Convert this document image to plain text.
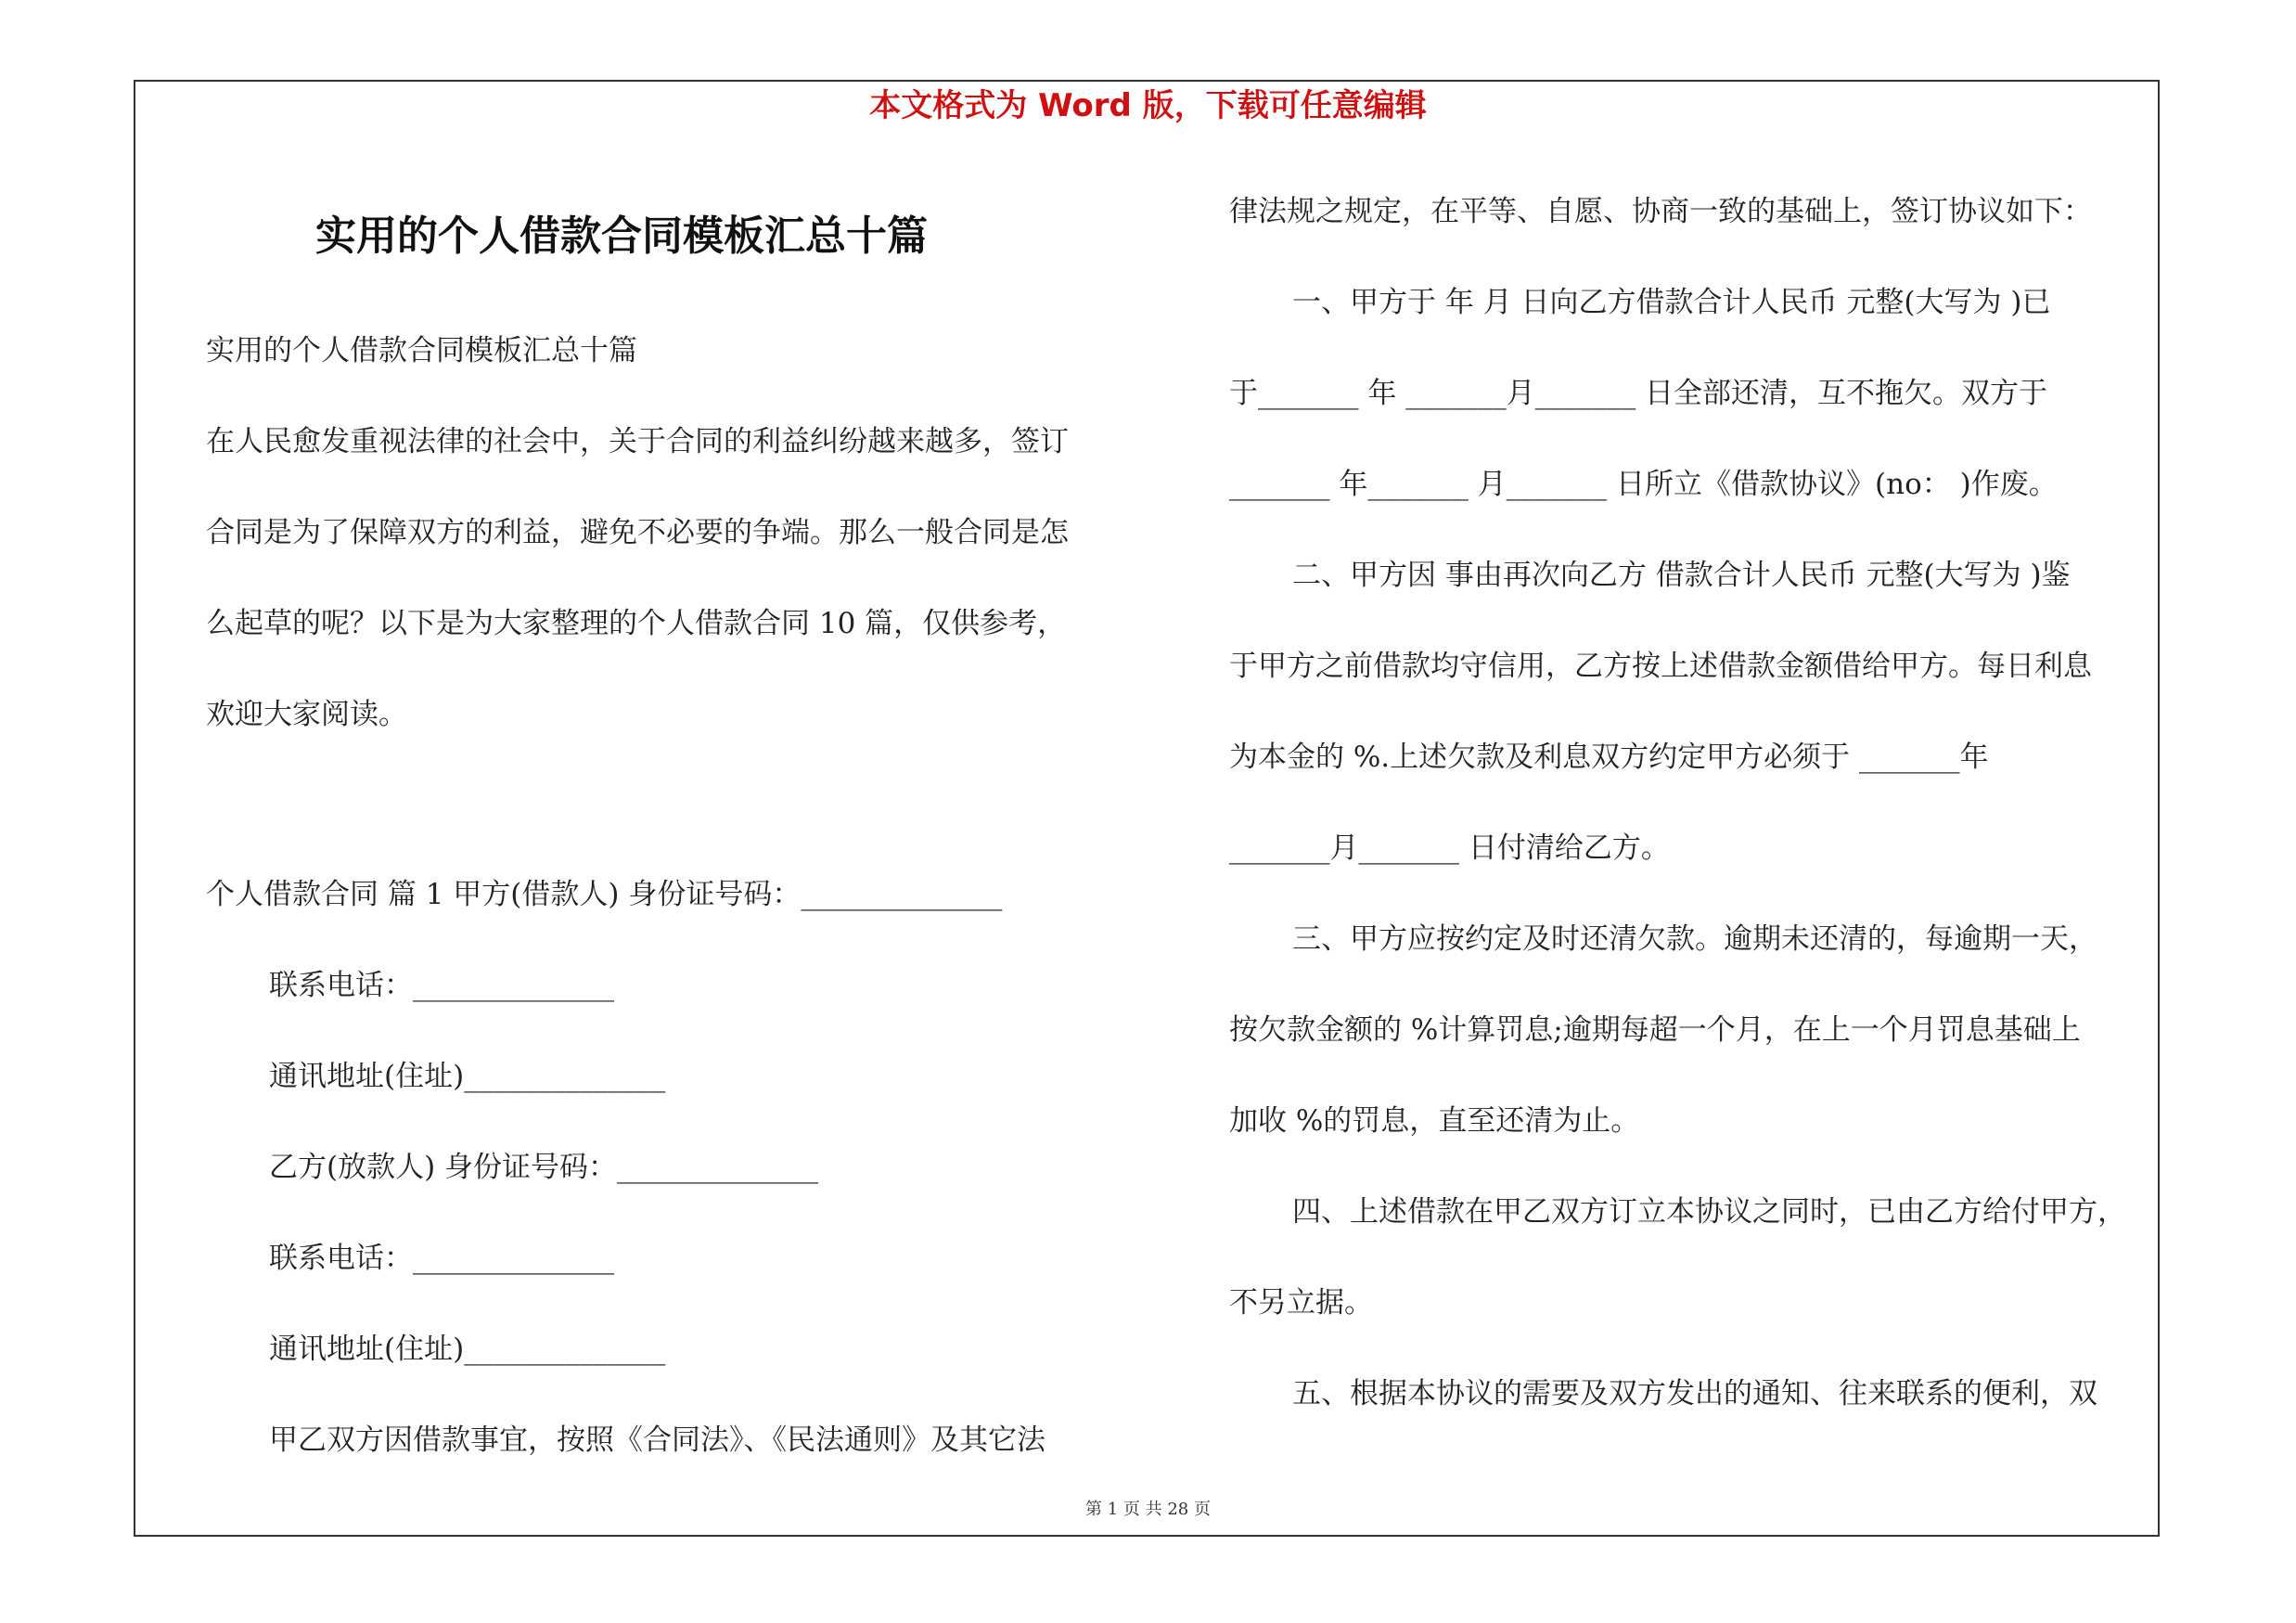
本文格式为 Word 版，下载可任意编辑
实用的个人借款合同模板汇总十篇
实用的个人借款合同模板汇总十篇
在人民愈发重视法律的社会中，关于合同的利益纠纷越来越多，签订
合同是为了保障双方的利益，避免不必要的争端。那么一般合同是怎
么起草的呢？以下是为大家整理的个人借款合同 10 篇，仅供参考，
欢迎大家阅读。
个人借款合同 篇 1 甲方(借款人) 身份证号码：______________
联系电话：______________
通讯地址(住址)______________
乙方(放款人) 身份证号码：______________
联系电话：______________
通讯地址(住址)______________
甲乙双方因借款事宜，按照《合同法》、《民法通则》及其它法
律法规之规定，在平等、自愿、协商一致的基础上，签订协议如下：
一、甲方于 年 月 日向乙方借款合计人民币 元整(大写为 )已
于_______ 年 _______月_______ 日全部还清，互不拖欠。双方于
_______ 年_______ 月_______ 日所立《借款协议》(no： )作废。
二、甲方因 事由再次向乙方 借款合计人民币 元整(大写为 )鉴
于甲方之前借款均守信用，乙方按上述借款金额借给甲方。每日利息
为本金的 %.上述欠款及利息双方约定甲方必须于 _______年
_______月_______ 日付清给乙方。
三、甲方应按约定及时还清欠款。逾期未还清的，每逾期一天，
按欠款金额的 %计算罚息;逾期每超一个月，在上一个月罚息基础上
加收 %的罚息，直至还清为止。
四、上述借款在甲乙双方订立本协议之同时，已由乙方给付甲方，
不另立据。
五、根据本协议的需要及双方发出的通知、往来联系的便利，双
第 1 页 共 28 页
